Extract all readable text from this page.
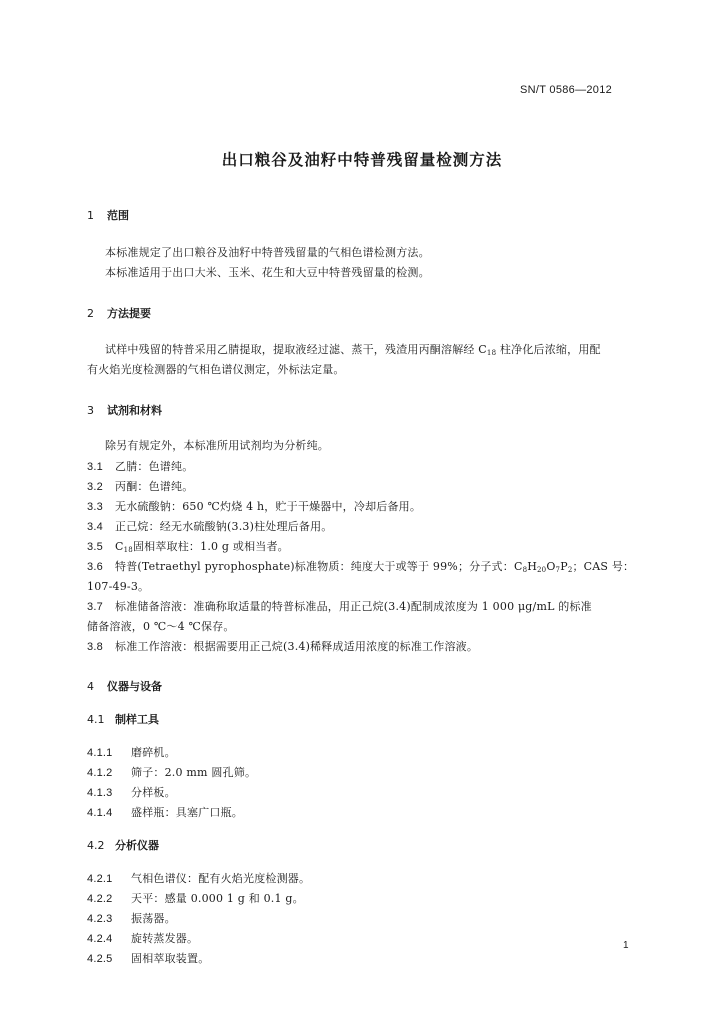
SN/T 0586—2012
出口粮谷及油籽中特普残留量检测方法
1 范围
本标准规定了出口粮谷及油籽中特普残留量的气相色谱检测方法。
本标准适用于出口大米、玉米、花生和大豆中特普残留量的检测。
2 方法提要
试样中残留的特普采用乙腈提取，提取液经过滤、蒸干，残渣用丙酮溶解经 $C_{18}$ 柱净化后浓缩，用配
有火焰光度检测器的气相色谱仪测定，外标法定量。
3 试剂和材料
除另有规定外，本标准所用试剂均为分析纯。
3.1 乙腈：色谱纯。
3.2 丙酮：色谱纯。
3.3 无水硫酸钠：650 ℃灼烧 4 h，贮于干燥器中，冷却后备用。
3.4 正己烷：经无水硫酸钠(3.3)柱处理后备用。
3.5 $C_{18}$固相萃取柱：1.0 g 或相当者。
3.6 特普(Tetraethyl pyrophosphate)标准物质：纯度大于或等于 99%；分子式：$C_8H_{20}O_7P_2$；CAS 号：
107-49-3。
3.7 标准储备溶液：准确称取适量的特普标准品，用正己烷(3.4)配制成浓度为 1 000 μg/mL 的标准
储备溶液，0 ℃～4 ℃保存。
3.8 标准工作溶液：根据需要用正己烷(3.4)稀释成适用浓度的标准工作溶液。
4 仪器与设备
4.1 制样工具
4.1.1 磨碎机。
4.1.2 筛子：2.0 mm 圆孔筛。
4.1.3 分样板。
4.1.4 盛样瓶：具塞广口瓶。
4.2 分析仪器
4.2.1 气相色谱仪：配有火焰光度检测器。
4.2.2 天平：感量 0.000 1 g 和 0.1 g。
4.2.3 振荡器。
4.2.4 旋转蒸发器。
4.2.5 固相萃取装置。
1
